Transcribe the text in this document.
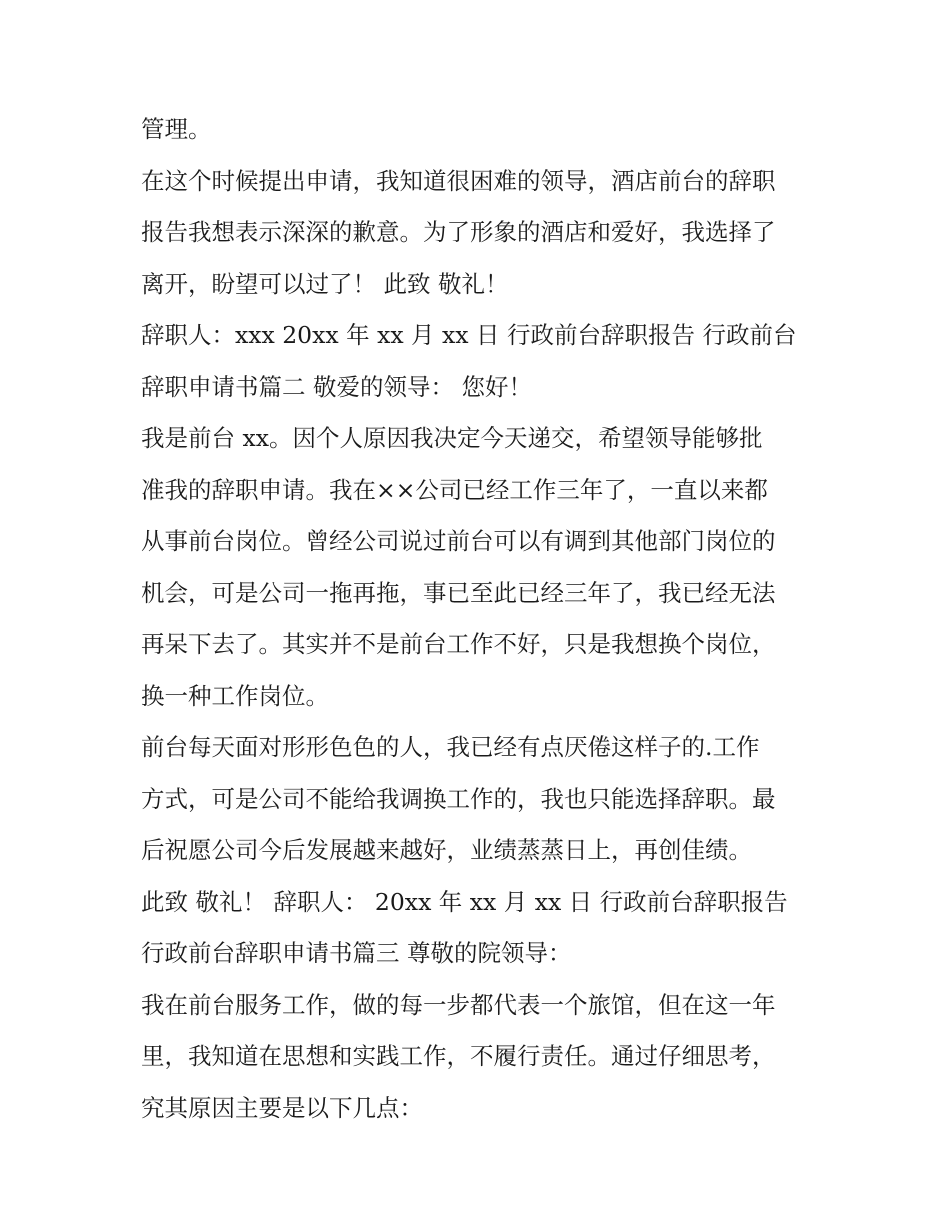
管理。
在这个时候提出申请，我知道很困难的领导，酒店前台的辞职
报告我想表示深深的歉意。为了形象的酒店和爱好，我选择了
离开，盼望可以过了！ 此致 敬礼！
辞职人：xxx 20xx 年 xx 月 xx 日 行政前台辞职报告 行政前台
辞职申请书篇二 敬爱的领导： 您好！
我是前台 xx。因个人原因我决定今天递交，希望领导能够批
准我的辞职申请。我在××公司已经工作三年了，一直以来都
从事前台岗位。曾经公司说过前台可以有调到其他部门岗位的
机会，可是公司一拖再拖，事已至此已经三年了，我已经无法
再呆下去了。其实并不是前台工作不好，只是我想换个岗位，
换一种工作岗位。
前台每天面对形形色色的人，我已经有点厌倦这样子的.工作
方式，可是公司不能给我调换工作的，我也只能选择辞职。最
后祝愿公司今后发展越来越好，业绩蒸蒸日上，再创佳绩。
此致 敬礼！ 辞职人： 20xx 年 xx 月 xx 日 行政前台辞职报告
行政前台辞职申请书篇三 尊敬的院领导：
我在前台服务工作，做的每一步都代表一个旅馆，但在这一年
里，我知道在思想和实践工作，不履行责任。通过仔细思考，
究其原因主要是以下几点：
